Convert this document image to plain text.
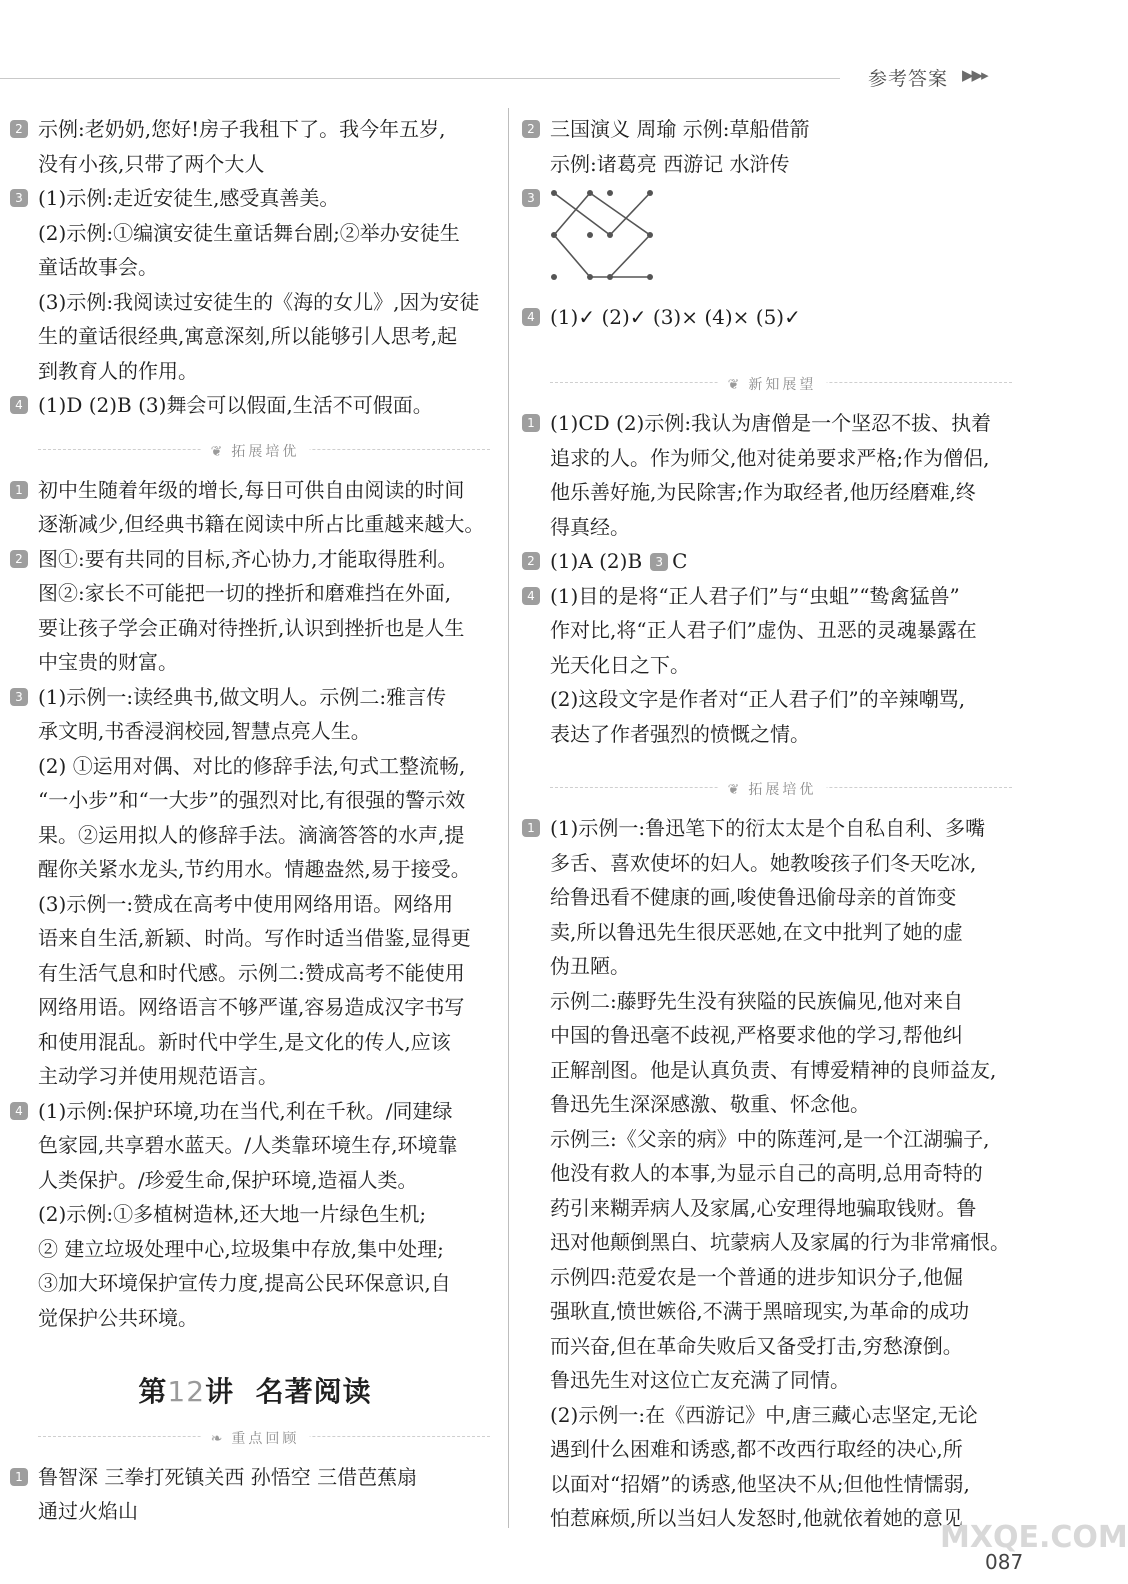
参考答案 ▶▶▸
2 示例:老奶奶,您好!房子我租下了。我今年五岁,
没有小孩,只带了两个大人
3 (1)示例:走近安徒生,感受真善美。
(2)示例:①编演安徒生童话舞台剧;②举办安徒生
童话故事会。
(3)示例:我阅读过安徒生的《海的女儿》,因为安徒
生的童话很经典,寓意深刻,所以能够引人思考,起
到教育人的作用。
4 (1)D (2)B (3)舞会可以假面,生活不可假面。
❦ 拓展培优
1 初中生随着年级的增长,每日可供自由阅读的时间
逐渐减少,但经典书籍在阅读中所占比重越来越大。
2 图①:要有共同的目标,齐心协力,才能取得胜利。
图②:家长不可能把一切的挫折和磨难挡在外面,
要让孩子学会正确对待挫折,认识到挫折也是人生
中宝贵的财富。
3 (1)示例一:读经典书,做文明人。示例二:雅言传
承文明,书香浸润校园,智慧点亮人生。
(2) ①运用对偶、对比的修辞手法,句式工整流畅,
“一小步”和“一大步”的强烈对比,有很强的警示效
果。②运用拟人的修辞手法。滴滴答答的水声,提
醒你关紧水龙头,节约用水。情趣盎然,易于接受。
(3)示例一:赞成在高考中使用网络用语。网络用
语来自生活,新颖、时尚。写作时适当借鉴,显得更
有生活气息和时代感。示例二:赞成高考不能使用
网络用语。网络语言不够严谨,容易造成汉字书写
和使用混乱。新时代中学生,是文化的传人,应该
主动学习并使用规范语言。
4 (1)示例:保护环境,功在当代,利在千秋。/同建绿
色家园,共享碧水蓝天。/人类靠环境生存,环境靠
人类保护。/珍爱生命,保护环境,造福人类。
(2)示例:①多植树造林,还大地一片绿色生机;
② 建立垃圾处理中心,垃圾集中存放,集中处理;
③加大环境保护宣传力度,提高公民环保意识,自
觉保护公共环境。
第12讲 名著阅读
❧ 重点回顾
1 鲁智深 三拳打死镇关西 孙悟空 三借芭蕉扇
通过火焰山
2 三国演义 周瑜 示例:草船借箭
示例:诸葛亮 西游记 水浒传
3
4 (1)✓ (2)✓ (3)× (4)× (5)✓
❦ 新知展望
1 (1)CD (2)示例:我认为唐僧是一个坚忍不拔、执着
追求的人。作为师父,他对徒弟要求严格;作为僧侣,
他乐善好施,为民除害;作为取经者,他历经磨难,终
得真经。
2 (1)A (2)B 3 C
4 (1)目的是将“正人君子们”与“虫蛆”“鸷禽猛兽”
作对比,将“正人君子们”虚伪、丑恶的灵魂暴露在
光天化日之下。
(2)这段文字是作者对“正人君子们”的辛辣嘲骂,
表达了作者强烈的愤慨之情。
❦ 拓展培优
1 (1)示例一:鲁迅笔下的衍太太是个自私自利、多嘴
多舌、喜欢使坏的妇人。她教唆孩子们冬天吃冰,
给鲁迅看不健康的画,唆使鲁迅偷母亲的首饰变
卖,所以鲁迅先生很厌恶她,在文中批判了她的虚
伪丑陋。
示例二:藤野先生没有狭隘的民族偏见,他对来自
中国的鲁迅毫不歧视,严格要求他的学习,帮他纠
正解剖图。他是认真负责、有博爱精神的良师益友,
鲁迅先生深深感激、敬重、怀念他。
示例三:《父亲的病》中的陈莲河,是一个江湖骗子,
他没有救人的本事,为显示自己的高明,总用奇特的
药引来糊弄病人及家属,心安理得地骗取钱财。鲁
迅对他颠倒黑白、坑蒙病人及家属的行为非常痛恨。
示例四:范爱农是一个普通的进步知识分子,他倔
强耿直,愤世嫉俗,不满于黑暗现实,为革命的成功
而兴奋,但在革命失败后又备受打击,穷愁潦倒。
鲁迅先生对这位亡友充满了同情。
(2)示例一:在《西游记》中,唐三藏心志坚定,无论
遇到什么困难和诱惑,都不改西行取经的决心,所
以面对“招婿”的诱惑,他坚决不从;但他性情懦弱,
怕惹麻烦,所以当妇人发怒时,他就依着她的意见
MXQE.COM
087
